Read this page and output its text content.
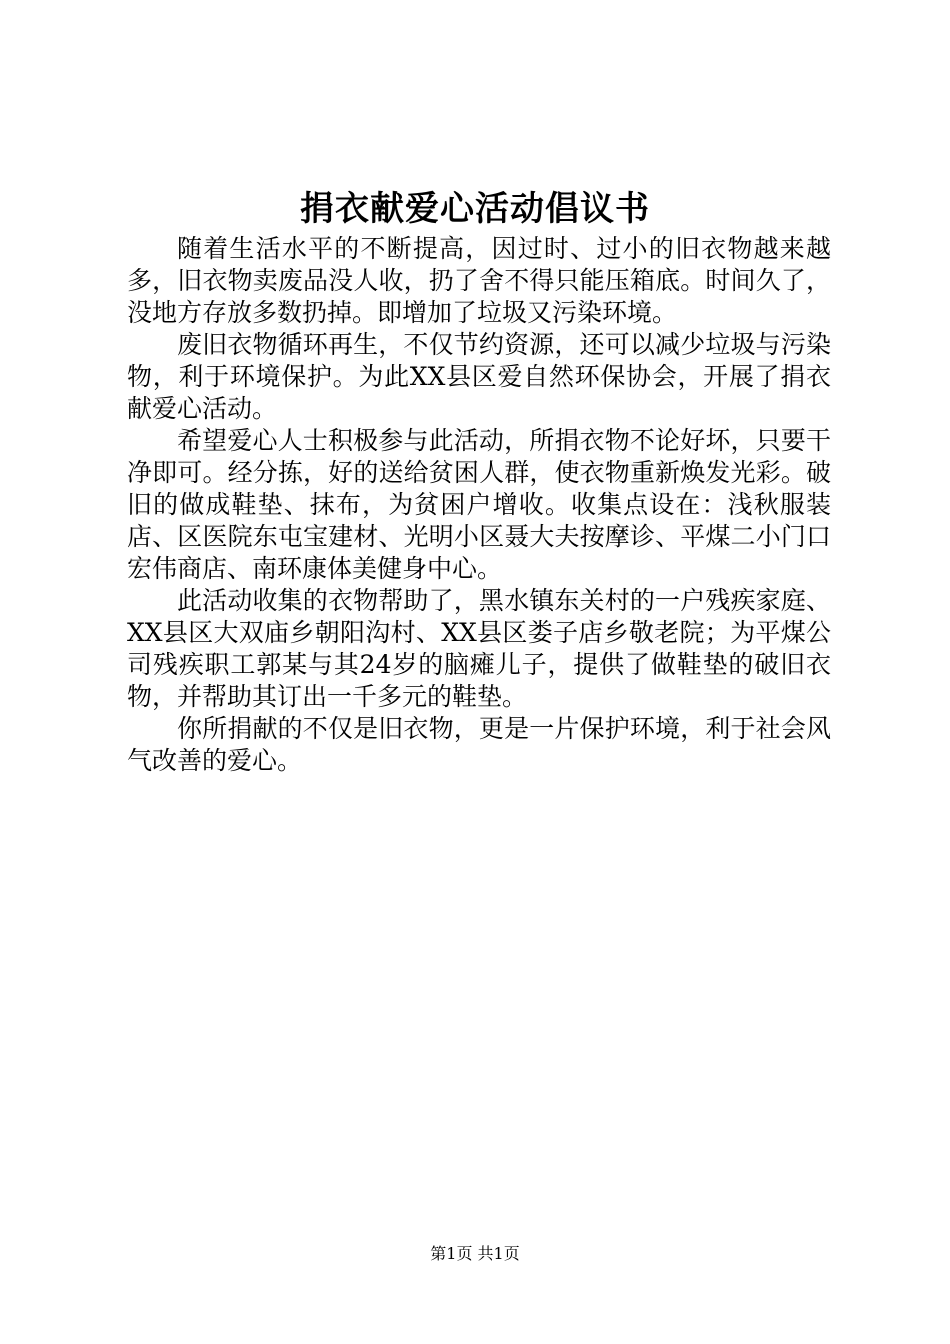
捐衣献爱心活动倡议书

随着生活水平的不断提高，因过时、过小的旧衣物越来越多，旧衣物卖废品没人收，扔了舍不得只能压箱底。时间久了，没地方存放多数扔掉。即增加了垃圾又污染环境。

废旧衣物循环再生，不仅节约资源，还可以减少垃圾与污染物，利于环境保护。为此XX县区爱自然环保协会，开展了捐衣献爱心活动。

希望爱心人士积极参与此活动，所捐衣物不论好坏，只要干净即可。经分拣，好的送给贫困人群，使衣物重新焕发光彩。破旧的做成鞋垫、抹布，为贫困户增收。收集点设在：浅秋服装店、区医院东屯宝建材、光明小区聂大夫按摩诊、平煤二小门口宏伟商店、南环康体美健身中心。

此活动收集的衣物帮助了，黑水镇东关村的一户残疾家庭、XX县区大双庙乡朝阳沟村、XX县区娄子店乡敬老院；为平煤公司残疾职工郭某与其24岁的脑瘫儿子，提供了做鞋垫的破旧衣物，并帮助其订出一千多元的鞋垫。

你所捐献的不仅是旧衣物，更是一片保护环境，利于社会风气改善的爱心。

第1页 共1页
